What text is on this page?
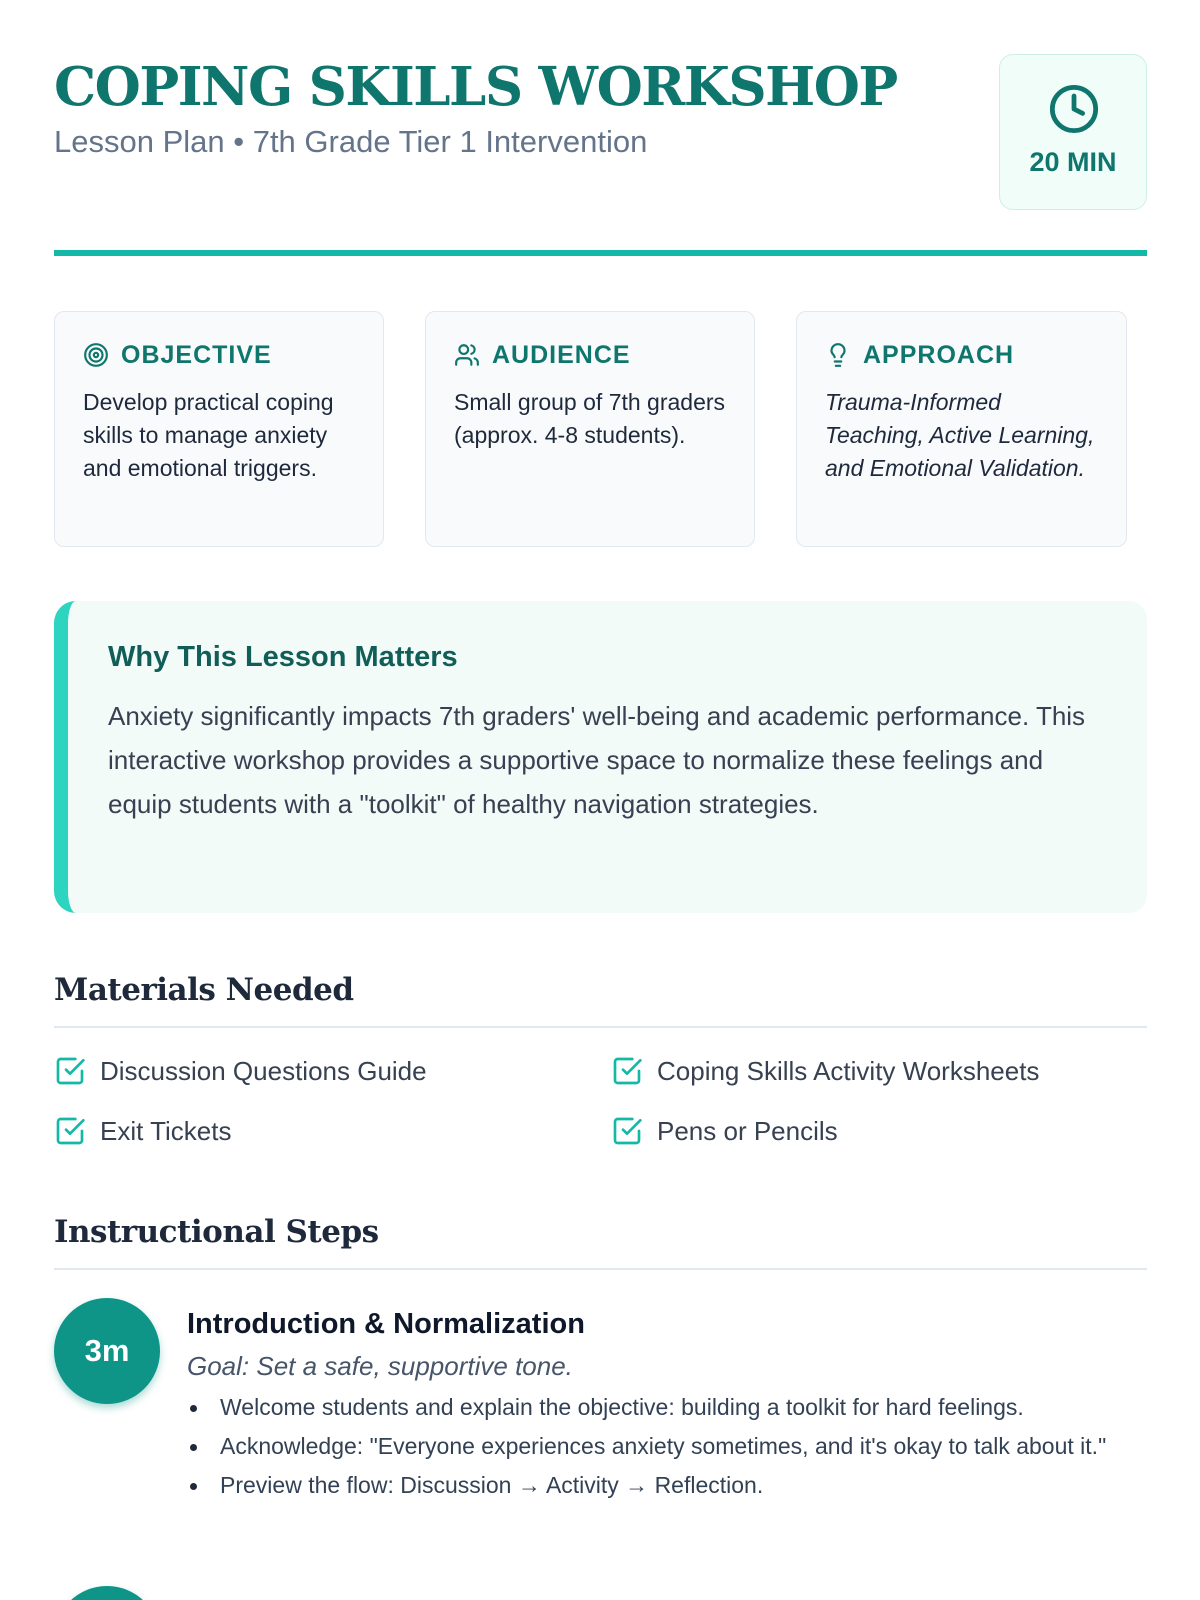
COPING SKILLS WORKSHOP
Lesson Plan • 7th Grade Tier 1 Intervention
20 MIN
OBJECTIVE
Develop practical coping skills to manage anxiety and emotional triggers.
AUDIENCE
Small group of 7th graders (approx. 4-8 students).
APPROACH
Trauma-Informed Teaching, Active Learning, and Emotional Validation.
Why This Lesson Matters
Anxiety significantly impacts 7th graders' well-being and academic performance. This interactive workshop provides a supportive space to normalize these feelings and equip students with a "toolkit" of healthy navigation strategies.
Materials Needed
Discussion Questions Guide	Coping Skills Activity Worksheets
Exit Tickets	Pens or Pencils
Instructional Steps
3m
Introduction & Normalization
Goal: Set a safe, supportive tone.
Welcome students and explain the objective: building a toolkit for hard feelings.
Acknowledge: "Everyone experiences anxiety sometimes, and it's okay to talk about it."
Preview the flow: Discussion → Activity → Reflection.
